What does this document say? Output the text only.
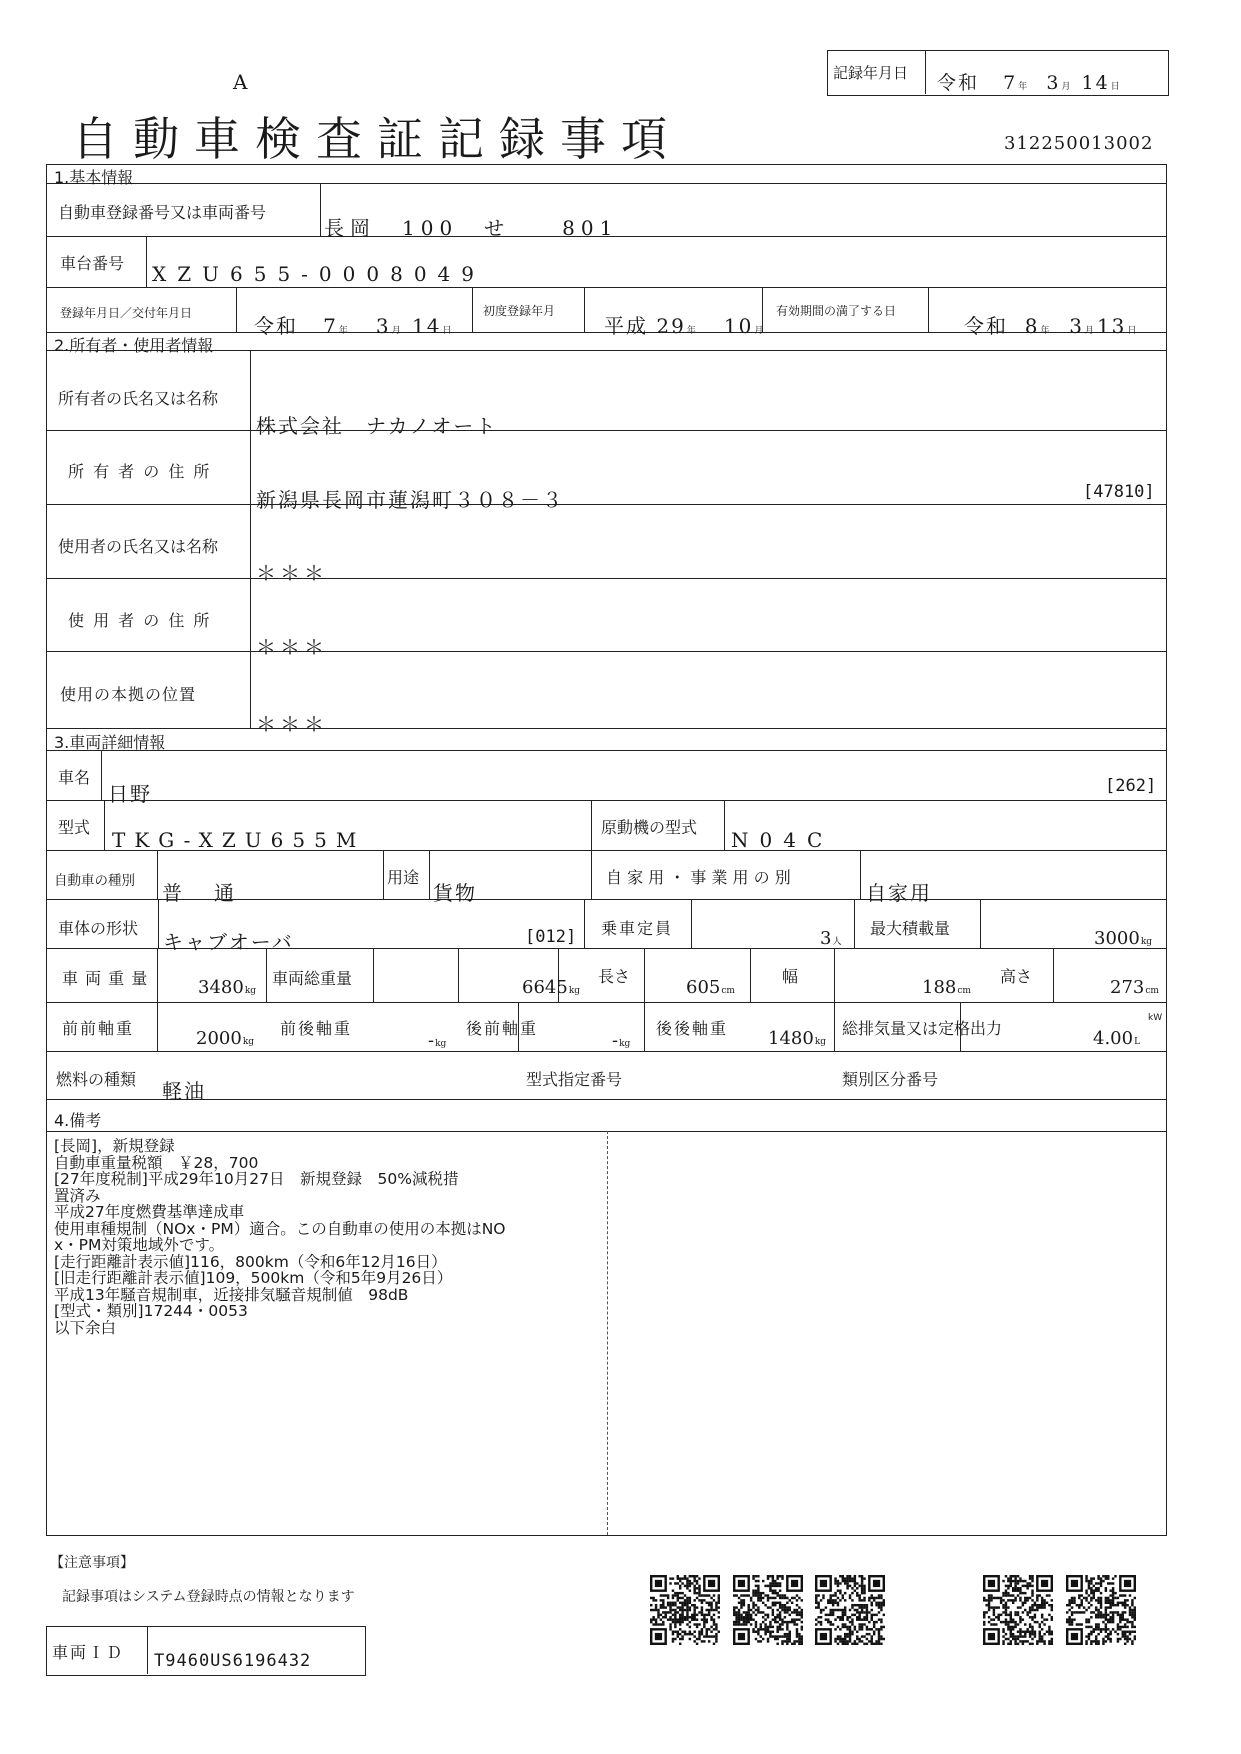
A	記録年月日 令和 7年 3月 14日
自動車検査証記録事項	312250013002
1.基本情報
自動車登録番号又は車両番号
長岡　100　せ　　801
車台番号 XZU655-0008049
登録年月日／交付年月日
令和 7年 3月 14日
初度登録年月
平成 29年 10月
有効期間の満了する日
令和 8年 3月 13日
2.所有者・使用者情報
所有者の氏名又は名称
株式会社　ナカノオート
所 有 者 の 住 所
新潟県長岡市蓮潟町３０８－３	[47810]
使用者の氏名又は名称
＊＊＊
使 用 者 の 住 所
＊＊＊
使用の本拠の位置
＊＊＊
3.車両詳細情報
車名
日野	[262]
型式
TKG-XZU655M
原動機の型式
N04C
自動車の種別 普　通
用途
貨物
自 家 用 ・ 事 業 用 の 別
自家用
車体の形状
キャブオーバ	[012] 乗車定員	3人
最大積載量	3000kg
車 両 重 量	3480kg
車両総重量	6645kg
長さ
605cm
幅
188cm
高さ
273cm
前前軸重	2000kg
前後軸重
-kg
後前軸重
-kg
後後軸重 1480kg
総排気量又は定格出力
kW
4.00L
燃料の種類 軽油	型式指定番号	類別区分番号
4.備考
[長岡]，新規登録
自動車重量税額　￥28，700
[27年度税制]平成29年10月27日　新規登録　50%減税措
置済み
平成27年度燃費基準達成車
使用車種規制（NOx・PM）適合。この自動車の使用の本拠はNO
x・PM対策地域外です。
[走行距離計表示値]116，800km（令和6年12月16日）
[旧走行距離計表示値]109，500km（令和5年9月26日）
平成13年騒音規制車，近接排気騒音規制値　98dB
[型式・類別]17244・0053
以下余白
【注意事項】
記録事項はシステム登録時点の情報となります
車両ＩＤ T9460US6196432
